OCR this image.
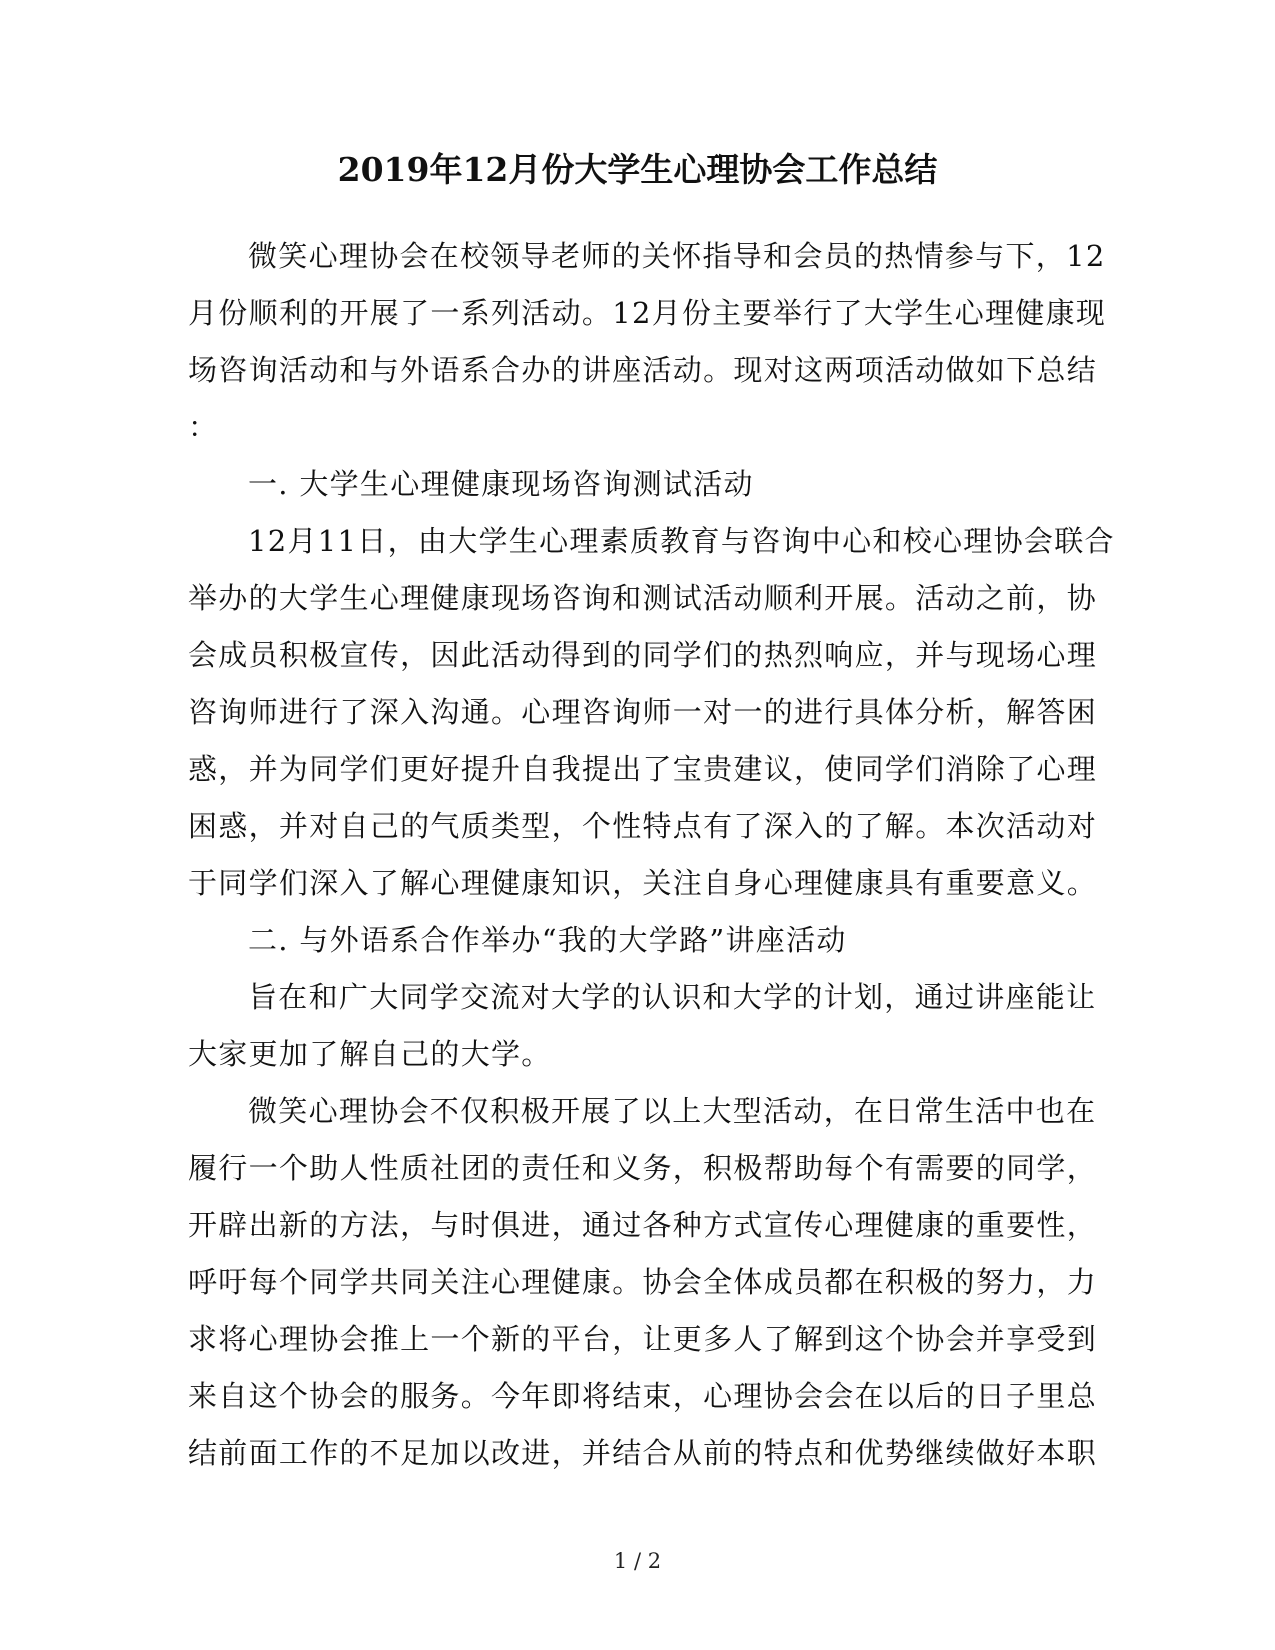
2019年12月份大学生心理协会工作总结
微笑心理协会在校领导老师的关怀指导和会员的热情参与下，12
月份顺利的开展了一系列活动。12月份主要举行了大学生心理健康现
场咨询活动和与外语系合办的讲座活动。现对这两项活动做如下总结
：
一. 大学生心理健康现场咨询测试活动
12月11日，由大学生心理素质教育与咨询中心和校心理协会联合
举办的大学生心理健康现场咨询和测试活动顺利开展。活动之前，协
会成员积极宣传，因此活动得到的同学们的热烈响应，并与现场心理
咨询师进行了深入沟通。心理咨询师一对一的进行具体分析，解答困
惑，并为同学们更好提升自我提出了宝贵建议，使同学们消除了心理
困惑，并对自己的气质类型，个性特点有了深入的了解。本次活动对
于同学们深入了解心理健康知识，关注自身心理健康具有重要意义。
二. 与外语系合作举办“我的大学路”讲座活动
旨在和广大同学交流对大学的认识和大学的计划，通过讲座能让
大家更加了解自己的大学。
微笑心理协会不仅积极开展了以上大型活动，在日常生活中也在
履行一个助人性质社团的责任和义务，积极帮助每个有需要的同学，
开辟出新的方法，与时俱进，通过各种方式宣传心理健康的重要性，
呼吁每个同学共同关注心理健康。协会全体成员都在积极的努力，力
求将心理协会推上一个新的平台，让更多人了解到这个协会并享受到
来自这个协会的服务。今年即将结束，心理协会会在以后的日子里总
结前面工作的不足加以改进，并结合从前的特点和优势继续做好本职
1 / 2
